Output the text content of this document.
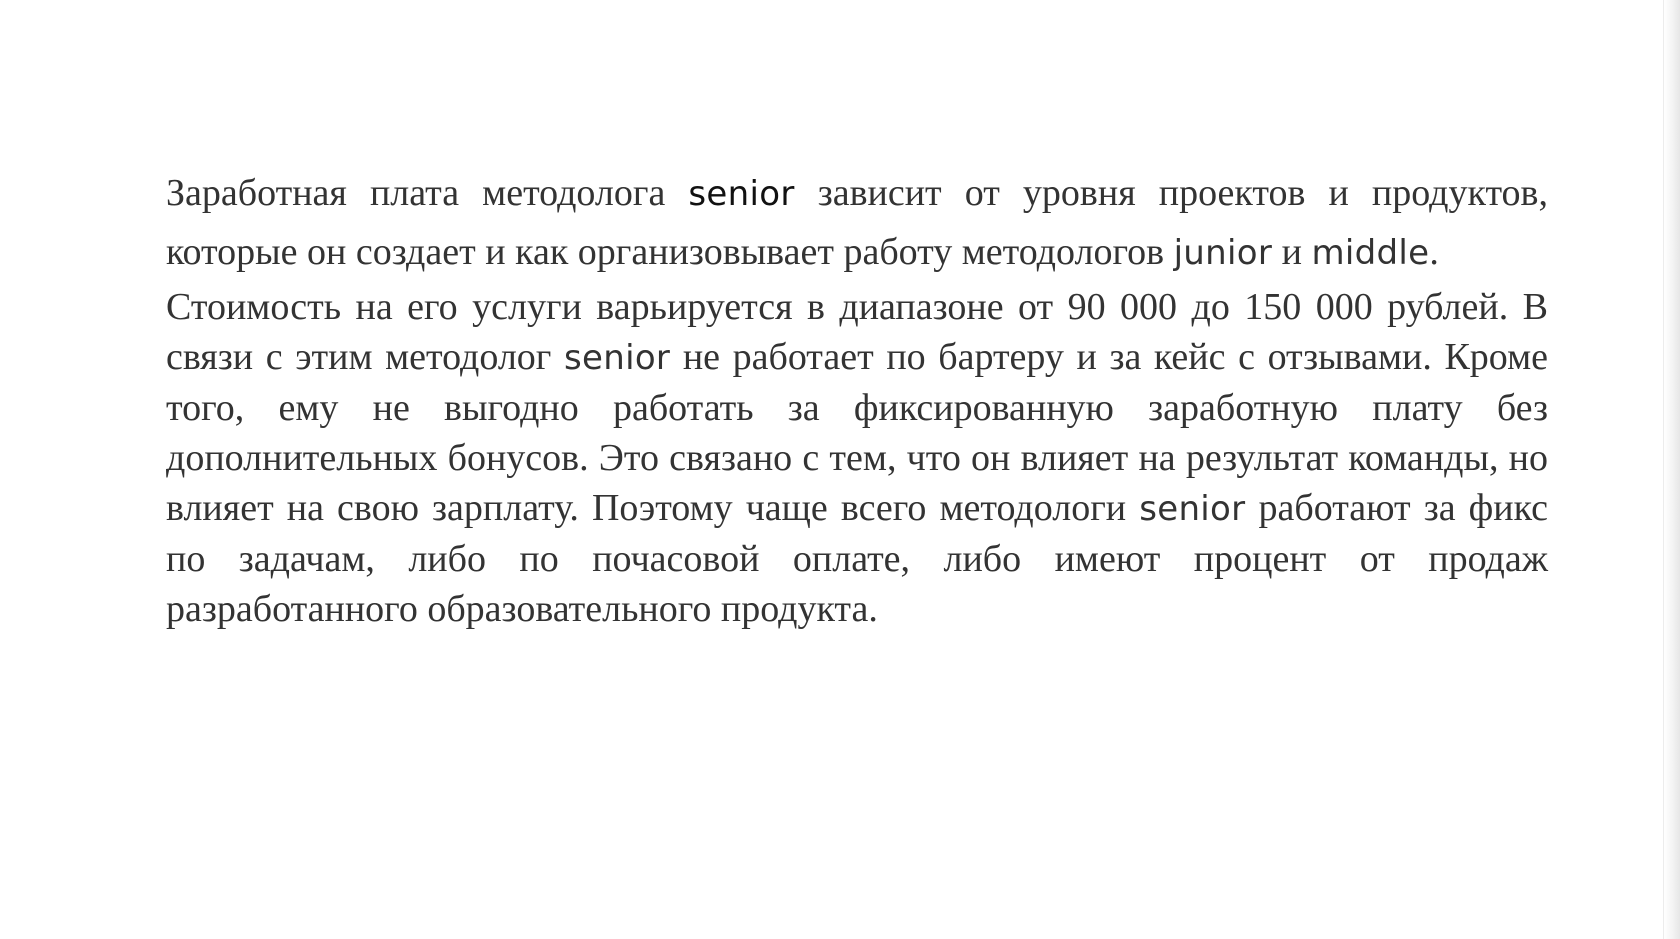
Заработная плата методолога senior зависит от уровня проектов и продуктов, которые он создает и как организовывает работу методологов junior и middle.

Стоимость на его услуги варьируется в диапазоне от 90 000 до 150 000 рублей. В связи с этим методолог senior не работает по бартеру и за кейс с отзывами. Кроме того, ему не выгодно работать за фиксированную заработную плату без дополнительных бонусов. Это связано с тем, что он влияет на результат команды, но влияет на свою зарплату. Поэтому чаще всего методологи senior работают за фикс по задачам, либо по почасовой оплате, либо имеют процент от продаж разработанного образовательного продукта.
